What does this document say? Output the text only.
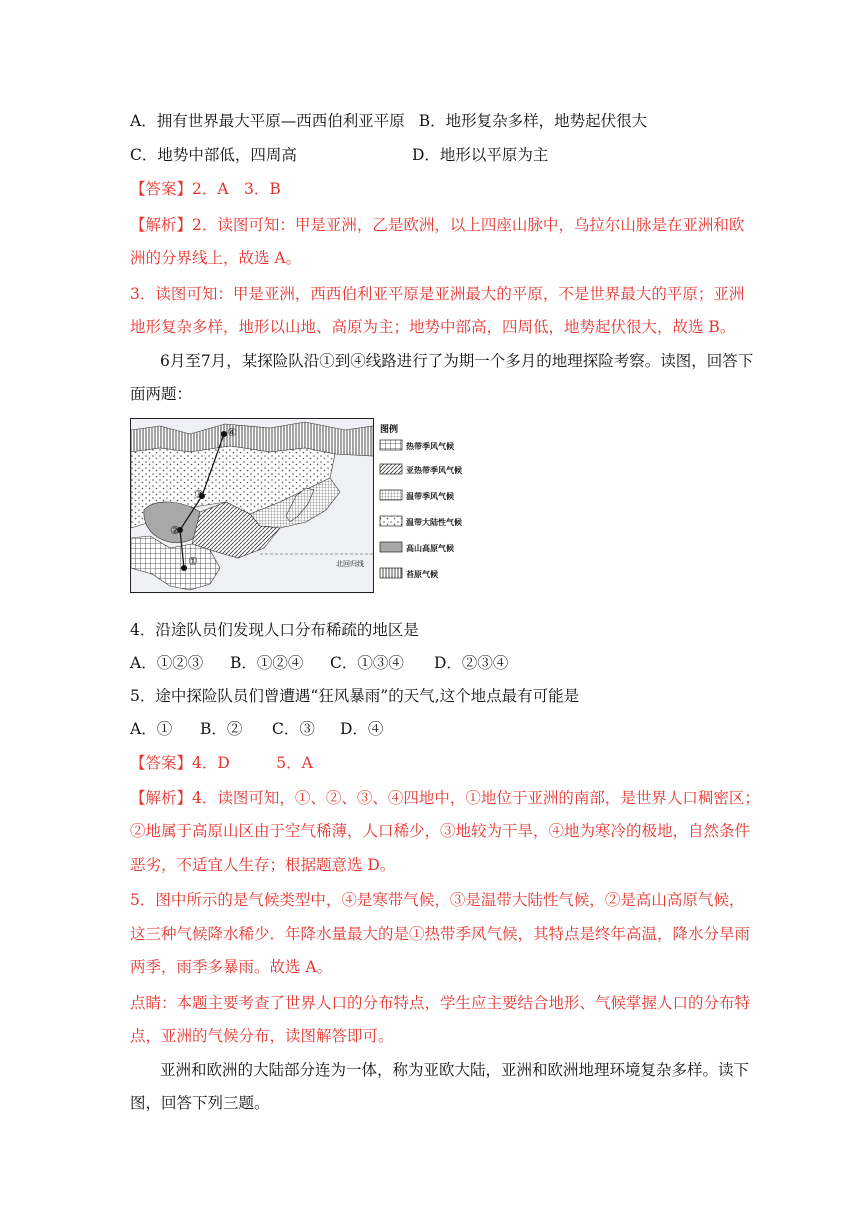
A．拥有世界最大平原—西西伯利亚平原 B．地形复杂多样，地势起伏很大
C．地势中部低，四周高	D．地形以平原为主
【答案】2．A　3．B
【解析】2．读图可知：甲是亚洲，乙是欧洲，以上四座山脉中，乌拉尔山脉是在亚洲和欧
洲的分界线上，故选 A。
3．读图可知：甲是亚洲，西西伯利亚平原是亚洲最大的平原，不是世界最大的平原；亚洲
地形复杂多样，地形以山地、高原为主；地势中部高，四周低，地势起伏很大，故选 B。
6月至7月，某探险队沿①到④线路进行了为期一个多月的地理探险考察。读图，回答下
面两题：
北回归线
①
②
③
④	图例
热带季风气候
亚热带季风气候
温带季风气候
温带大陆性气候
高山高原气候
苔原气候
4．沿途队员们发现人口分布稀疏的地区是
A．①②③ B．①②④ C．①③④ D．②③④
5．途中探险队员们曾遭遇“狂风暴雨”的天气,这个地点最有可能是
A．① B．② C．③ D．④
【答案】4．D　　　5．A
【解析】4．读图可知，①、②、③、④四地中，①地位于亚洲的南部，是世界人口稠密区；
②地属于高原山区由于空气稀薄，人口稀少，③地较为干旱，④地为寒冷的极地，自然条件
恶劣，不适宜人生存；根据题意选 D。
5．图中所示的是气候类型中，④是寒带气候，③是温带大陆性气候，②是高山高原气候，
这三种气候降水稀少．年降水量最大的是①热带季风气候，其特点是终年高温，降水分旱雨
两季，雨季多暴雨。故选 A。
点睛：本题主要考查了世界人口的分布特点，学生应主要结合地形、气候掌握人口的分布特
点，亚洲的气候分布，读图解答即可。
亚洲和欧洲的大陆部分连为一体，称为亚欧大陆，亚洲和欧洲地理环境复杂多样。读下
图，回答下列三题。
